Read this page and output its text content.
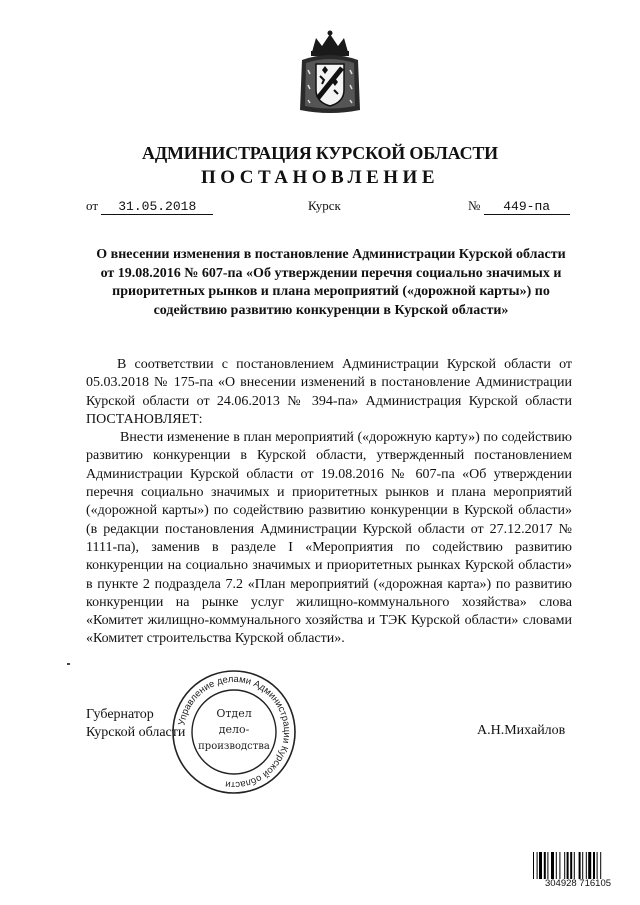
АДМИНИСТРАЦИЯ КУРСКОЙ ОБЛАСТИ
ПОСТАНОВЛЕНИЕ
от 31.05.2018	Курск	№ 449-па
О внесении изменения в постановление Администрации Курской области от 19.08.2016 № 607-па «Об утверждении перечня социально значимых и приоритетных рынков и плана мероприятий («дорожной карты») по содействию развитию конкуренции в Курской области»

В соответствии с постановлением Администрации Курской области от 05.03.2018 № 175-па «О внесении изменений в постановление Администрации Курской области от 24.06.2013 № 394-па» Администрация Курской области ПОСТАНОВЛЯЕТ:

Внести изменение в план мероприятий («дорожную карту») по содействию развитию конкуренции в Курской области, утвержденный постановлением Администрации Курской области от 19.08.2016 № 607-па «Об утверждении перечня социально значимых и приоритетных рынков и плана мероприятий («дорожной карты») по содействию развитию конкуренции в Курской области» (в редакции постановления Администрации Курской области от 27.12.2017 № 1111-па), заменив в разделе I «Мероприятия по содействию развитию конкуренции на социально значимых и приоритетных рынках Курской области» в пункте 2 подраздела 7.2 «План мероприятий («дорожная карта») по развитию конкуренции на рынке услуг жилищно-коммунального хозяйства» слова «Комитет жилищно-коммунального хозяйства и ТЭК Курской области» словами «Комитет строительства Курской области».

Губернатор
Курской области	А.Н.Михайлов
Управление делами Администрации Курской области
Отдел
дело-
производства
304928 716105
